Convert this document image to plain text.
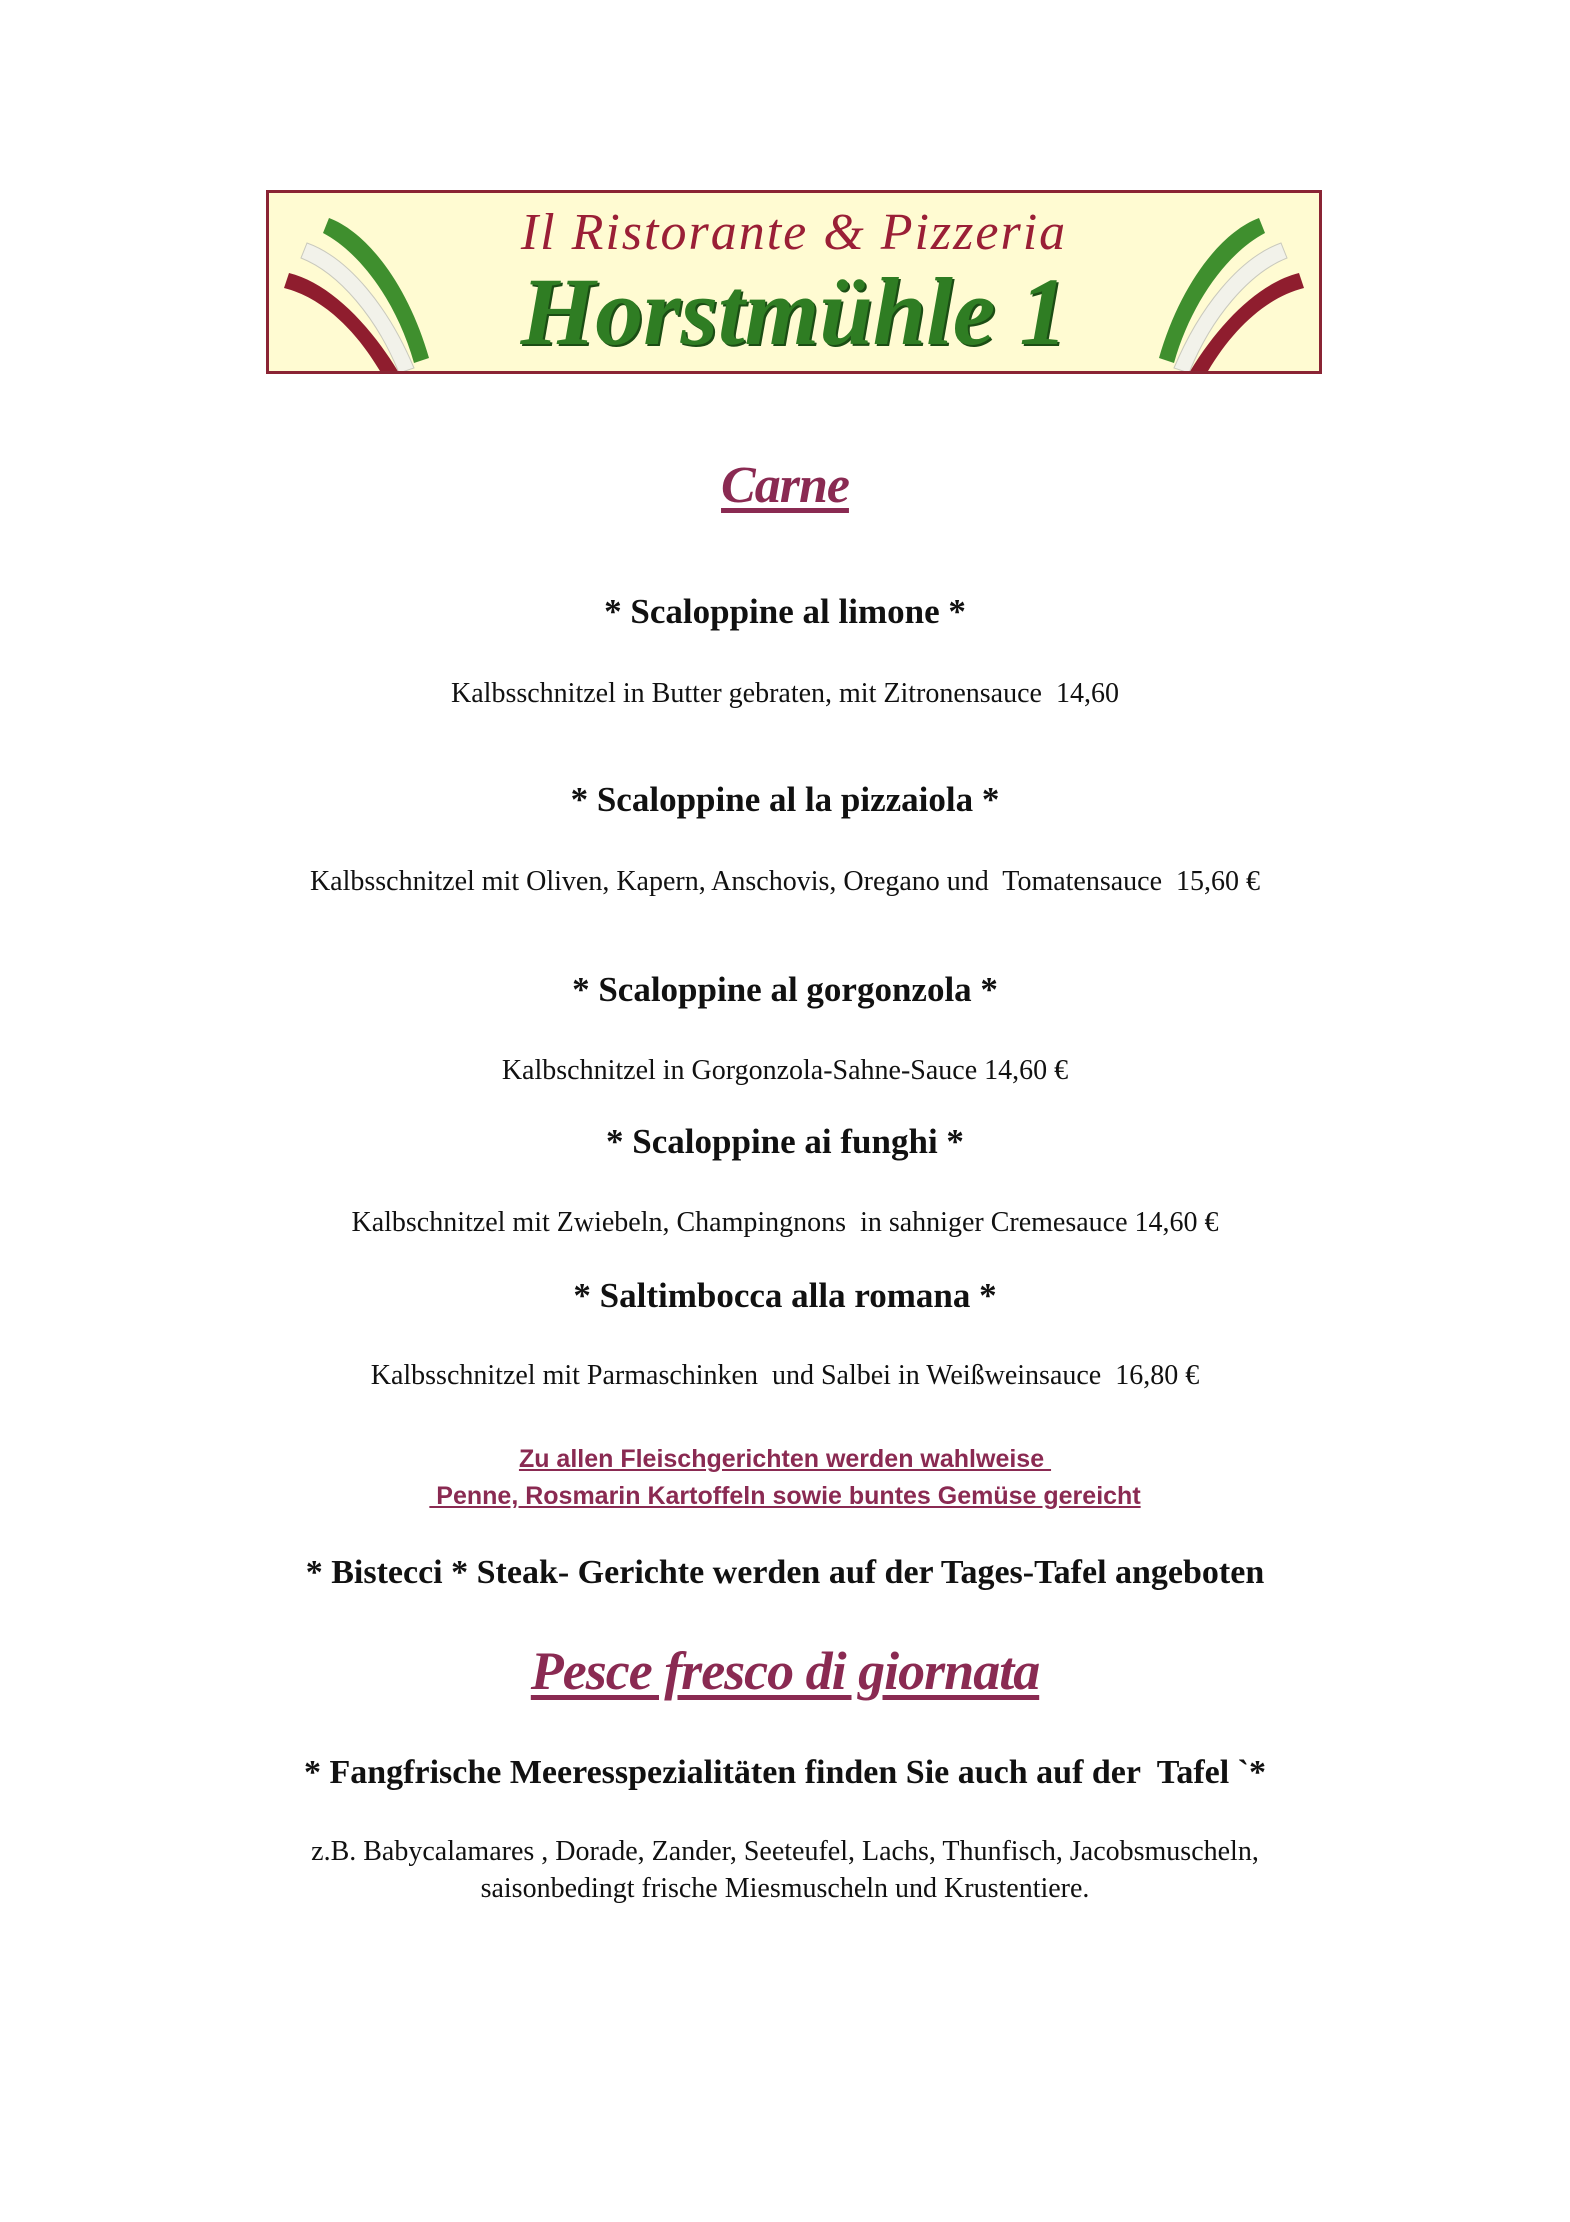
Il Ristorante & Pizzeria
Horstmühle 1
Carne
* Scaloppine al limone *
Kalbsschnitzel in Butter gebraten, mit Zitronensauce  14,60
* Scaloppine al la pizzaiola *
Kalbsschnitzel mit Oliven, Kapern, Anschovis, Oregano und  Tomatensauce  15,60 €
* Scaloppine al gorgonzola *
Kalbschnitzel in Gorgonzola-Sahne-Sauce 14,60 €
* Scaloppine ai funghi *
Kalbschnitzel mit Zwiebeln, Champingnons  in sahniger Cremesauce 14,60 €
* Saltimbocca alla romana *
Kalbsschnitzel mit Parmaschinken  und Salbei in Weißweinsauce  16,80 €
Zu allen Fleischgerichten werden wahlweise
Penne, Rosmarin Kartoffeln sowie buntes Gemüse gereicht
* Bistecci * Steak- Gerichte werden auf der Tages-Tafel angeboten
Pesce fresco di giornata
* Fangfrische Meeresspezialitäten finden Sie auch auf der  Tafel `*
z.B. Babycalamares , Dorade, Zander, Seeteufel, Lachs, Thunfisch, Jacobsmuscheln,
saisonbedingt frische Miesmuscheln und Krustentiere.
